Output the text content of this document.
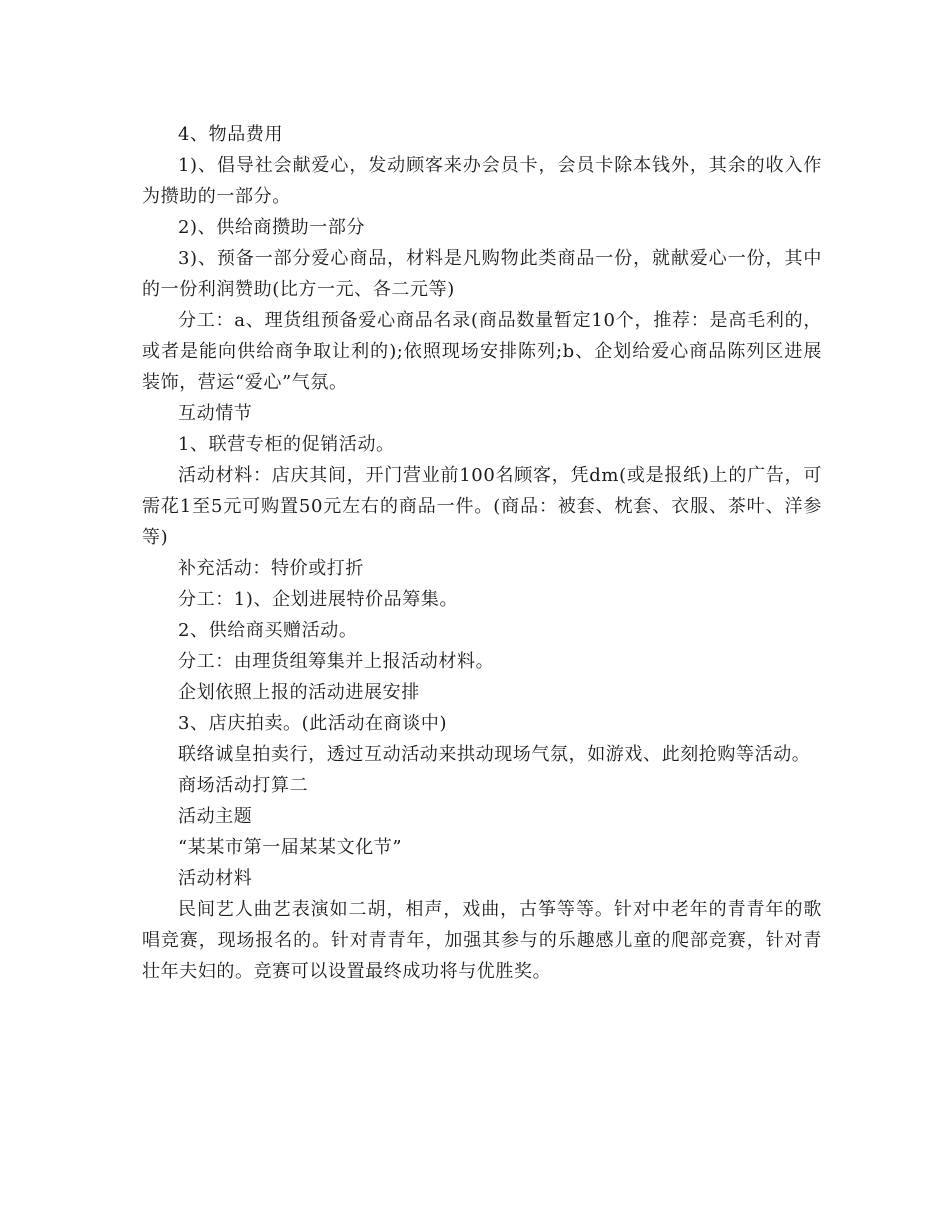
4、物品费用

1)、倡导社会献爱心，发动顾客来办会员卡，会员卡除本钱外，其余的收入作为攒助的一部分。

2)、供给商攒助一部分

3)、预备一部分爱心商品，材料是凡购物此类商品一份，就献爱心一份，其中的一份利润赞助(比方一元、各二元等)

分工：a、理货组预备爱心商品名录(商品数量暂定10个，推荐：是高毛利的，或者是能向供给商争取让利的);依照现场安排陈列;b、企划给爱心商品陈列区进展装饰，营运“爱心”气氛。

互动情节

1、联营专柜的促销活动。

活动材料：店庆其间，开门营业前100名顾客，凭dm(或是报纸)上的广告，可需花1至5元可购置50元左右的商品一件。(商品：被套、枕套、衣服、茶叶、洋参等)

补充活动：特价或打折

分工：1)、企划进展特价品筹集。

2、供给商买赠活动。

分工：由理货组筹集并上报活动材料。

企划依照上报的活动进展安排

3、店庆拍卖。(此活动在商谈中)

联络诚皇拍卖行，透过互动活动来拱动现场气氛，如游戏、此刻抢购等活动。

商场活动打算二

活动主题

“某某市第一届某某文化节”

活动材料

民间艺人曲艺表演如二胡，相声，戏曲，古筝等等。针对中老年的青青年的歌唱竞赛，现场报名的。针对青青年，加强其参与的乐趣感儿童的爬部竞赛，针对青壮年夫妇的。竞赛可以设置最终成功将与优胜奖。
